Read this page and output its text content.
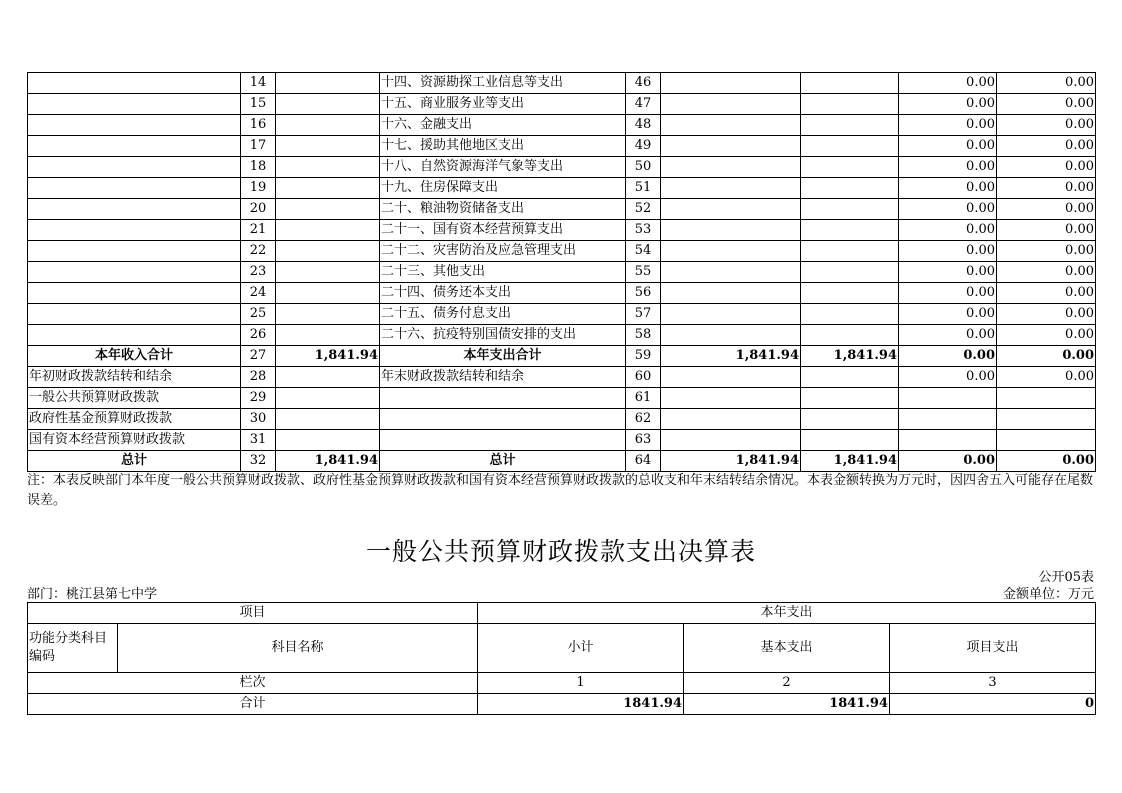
	14		十四、资源勘探工业信息等支出	46			0.00	0.00
	15		十五、商业服务业等支出	47			0.00	0.00
	16		十六、金融支出	48			0.00	0.00
	17		十七、援助其他地区支出	49			0.00	0.00
	18		十八、自然资源海洋气象等支出	50			0.00	0.00
	19		十九、住房保障支出	51			0.00	0.00
	20		二十、粮油物资储备支出	52			0.00	0.00
	21		二十一、国有资本经营预算支出	53			0.00	0.00
	22		二十二、灾害防治及应急管理支出	54			0.00	0.00
	23		二十三、其他支出	55			0.00	0.00
	24		二十四、债务还本支出	56			0.00	0.00
	25		二十五、债务付息支出	57			0.00	0.00
	26		二十六、抗疫特别国债安排的支出	58			0.00	0.00
本年收入合计	27	1,841.94	本年支出合计	59	1,841.94	1,841.94	0.00	0.00
年初财政拨款结转和结余	28		年末财政拨款结转和结余	60			0.00	0.00
一般公共预算财政拨款	29			61				
政府性基金预算财政拨款	30			62				
国有资本经营预算财政拨款	31			63				
总计	32	1,841.94	总计	64	1,841.94	1,841.94	0.00	0.00
注：本表反映部门本年度一般公共预算财政拨款、政府性基金预算财政拨款和国有资本经营预算财政拨款的总收支和年末结转结余情况。本表金额转换为万元时，因四舍五入可能存在尾数误差。
一般公共预算财政拨款支出决算表
公开05表
部门：桃江县第七中学	金额单位：万元
项目		本年支出		
功能分类科目编码	科目名称	小计	基本支出	项目支出
栏次		1	2	3
合计		1841.94	1841.94	0
